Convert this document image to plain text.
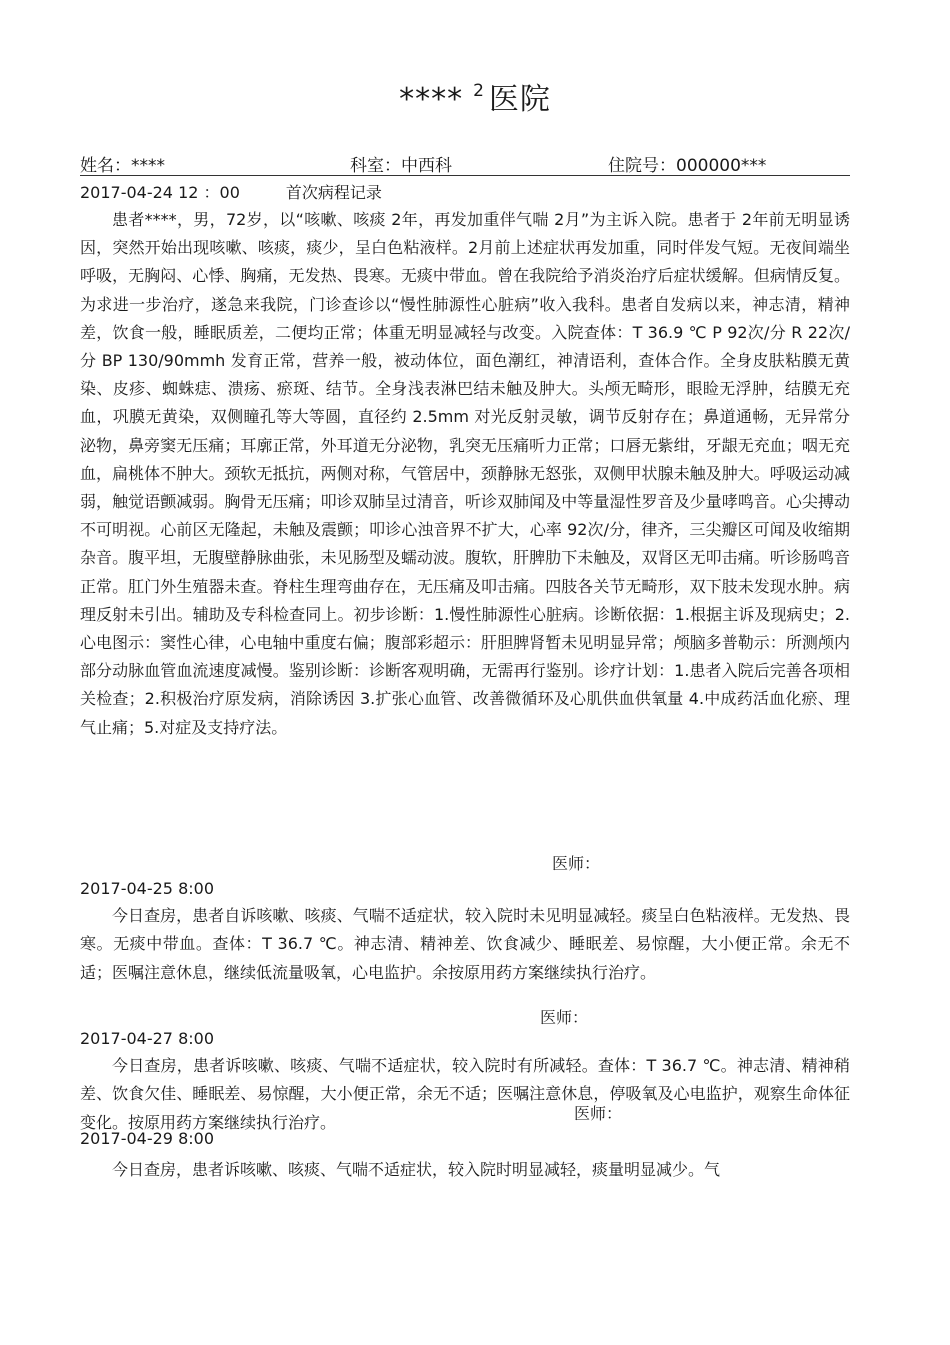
**** $^2$ 医院
姓名：****	科室：中西科	住院号：000000***
2017-04-24 12 ：00	首次病程记录

患者****，男，72岁，以“咳嗽、咳痰 2年，再发加重伴气喘 2月”为主诉入院。患者于 2年前无明显诱因，突然开始出现咳嗽、咳痰，痰少，呈白色粘液样。2月前上述症状再发加重，同时伴发气短。无夜间端坐呼吸，无胸闷、心悸、胸痛，无发热、畏寒。无痰中带血。曾在我院给予消炎治疗后症状缓解。但病情反复。为求进一步治疗，遂急来我院，门诊查诊以“慢性肺源性心脏病”收入我科。患者自发病以来，神志清，精神差，饮食一般，睡眠质差，二便均正常；体重无明显减轻与改变。入院查体：T 36.9 ℃ P 92次/分 R 22次/分 BP 130/90mmh 发育正常，营养一般，被动体位，面色潮红，神清语利，查体合作。全身皮肤粘膜无黄染、皮疹、蜘蛛痣、溃疡、瘀斑、结节。全身浅表淋巴结未触及肿大。头颅无畸形，眼睑无浮肿，结膜无充血，巩膜无黄染，双侧瞳孔等大等圆，直径约 2.5mm 对光反射灵敏，调节反射存在；鼻道通畅，无异常分泌物，鼻旁窦无压痛；耳廓正常，外耳道无分泌物，乳突无压痛听力正常；口唇无紫绀，牙龈无充血；咽无充血，扁桃体不肿大。颈软无抵抗，两侧对称，气管居中，颈静脉无怒张，双侧甲状腺未触及肿大。呼吸运动减弱，触觉语颤减弱。胸骨无压痛；叩诊双肺呈过清音，听诊双肺闻及中等量湿性罗音及少量哮鸣音。心尖搏动不可明视。心前区无隆起，未触及震颤；叩诊心浊音界不扩大，心率 92次/分，律齐，三尖瓣区可闻及收缩期杂音。腹平坦，无腹壁静脉曲张，未见肠型及蠕动波。腹软，肝脾肋下未触及，双肾区无叩击痛。听诊肠鸣音正常。肛门外生殖器未查。脊柱生理弯曲存在，无压痛及叩击痛。四肢各关节无畸形，双下肢未发现水肿。病理反射未引出。辅助及专科检查同上。初步诊断：1.慢性肺源性心脏病。诊断依据：1.根据主诉及现病史；2.心电图示：窦性心律，心电轴中重度右偏；腹部彩超示：肝胆脾肾暂未见明显异常；颅脑多普勒示：所测颅内部分动脉血管血流速度减慢。鉴别诊断：诊断客观明确，无需再行鉴别。诊疗计划：1.患者入院后完善各项相关检查；2.积极治疗原发病，消除诱因 3.扩张心血管、改善微循环及心肌供血供氧量 4.中成药活血化瘀、理气止痛；5.对症及支持疗法。

医师：
2017-04-25 8:00

今日查房，患者自诉咳嗽、咳痰、气喘不适症状，较入院时未见明显减轻。痰呈白色粘液样。无发热、畏寒。无痰中带血。查体：T 36.7 ℃。神志清、精神差、饮食减少、睡眠差、易惊醒，大小便正常。余无不适；医嘱注意休息，继续低流量吸氧，心电监护。余按原用药方案继续执行治疗。

医师：
2017-04-27 8:00

今日查房，患者诉咳嗽、咳痰、气喘不适症状，较入院时有所减轻。查体：T 36.7 ℃。神志清、精神稍差、饮食欠佳、睡眠差、易惊醒，大小便正常，余无不适；医嘱注意休息，停吸氧及心电监护，观察生命体征变化。按原用药方案继续执行治疗。	医师：
2017-04-29 8:00

今日查房，患者诉咳嗽、咳痰、气喘不适症状，较入院时明显减轻，痰量明显减少。气
